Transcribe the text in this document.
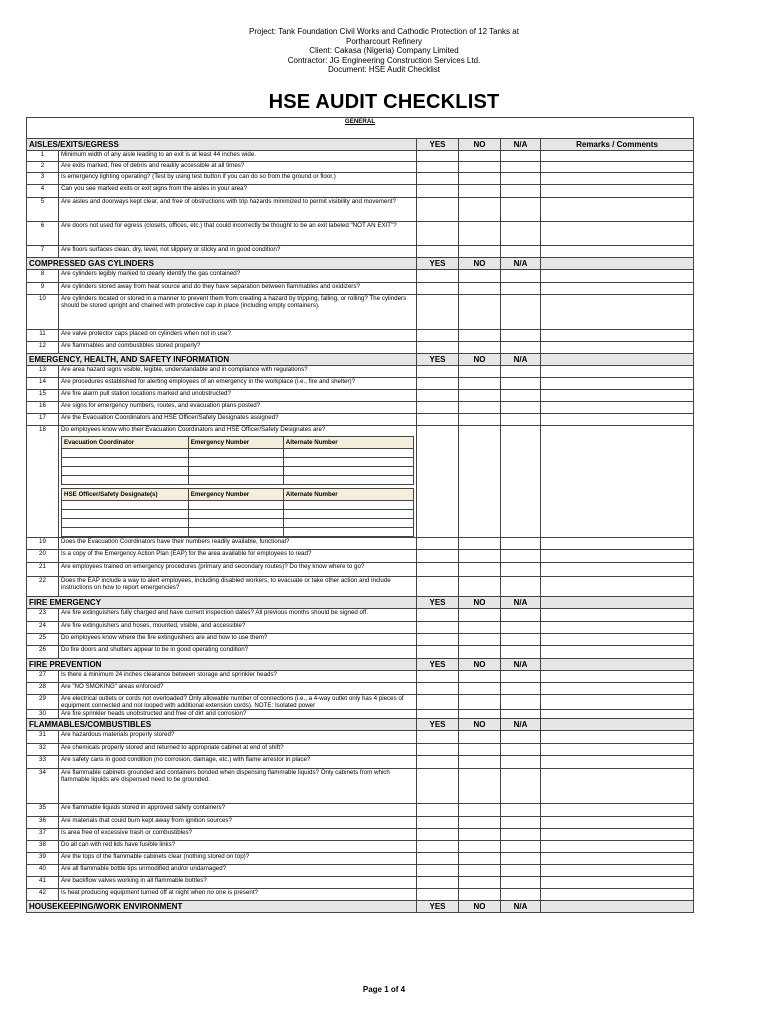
Project: Tank Foundation Civil Works and Cathodic Protection of 12 Tanks at
Portharcourt Refinery
Client: Cakasa (Nigeria) Company Limited
Contractor: JG Engineering Construction Services Ltd.
Document: HSE Audit Checklist
HSE AUDIT CHECKLIST
GENERAL
AISLES/EXITS/EGRESS	YES	NO	N/A	Remarks / Comments
1	Minimum width of any aisle leading to an exit is at least 44 inches wide.

2	Are exits marked, free of debris and readily accessible at all times?

3	Is emergency lighting operating? (Test by using test button if you can do so from the ground or floor.)

4	Can you see marked exits or exit signs from the aisles in your area?

5	Are aisles and doorways kept clear, and free of obstructions with trip hazards minimized to permit visibility and movement?

6	Are doors not used for egress (closets, offices, etc.) that could incorrectly be thought to be an exit labeled "NOT AN EXIT"?

7	Are floors surfaces clean, dry, level, not slippery or sticky and in good condition?

COMPRESSED GAS CYLINDERS	YES	NO	N/A	
8	Are cylinders legibly marked to clearly identify the gas contained?

9	Are cylinders stored away from heat source and do they have separation between flammables and oxidizers?

10	Are cylinders located or stored in a manner to prevent them from creating a hazard by tripping, falling, or rolling? The cylinders should be stored upright and chained with protective cap in place (including empty containers).

11	Are valve protector caps placed on cylinders when not in use?

12	Are flammables and combustibles stored properly?

EMERGENCY, HEALTH, AND SAFETY INFORMATION	YES	NO	N/A	
13	Are area hazard signs visible, legible, understandable and in compliance with regulations?

14	Are procedures established for alerting employees of an emergency in the workplace (i.e., fire and shelter)?

15	Are fire alarm pull station locations marked and unobstructed?

16	Are signs for emergency numbers, routes, and evacuation plans posted?

17	Are the Evacuation Coordinators and HSE Officer/Safety Designates assigned?

18	Do employees know who their Evacuation Coordinators and HSE Officer/Safety Designates are?
Evacuation Coordinator	Emergency Number	Alternate Number

HSE Officer/Safety Designate(s)	Emergency Number	Alternate Number

19	Does the Evacuation Coordinators have their numbers readily available, functional?

20	Is a copy of the Emergency Action Plan (EAP) for the area available for employees to read?

21	Are employees trained on emergency procedures (primary and secondary routes)? Do they know where to go?

22	Does the EAP include a way to alert employees, including disabled workers, to evacuate or take other action and include instructions on how to report emergencies?

FIRE EMERGENCY	YES	NO	N/A	
23	Are fire extinguishers fully charged and have current inspection dates? All previous months should be signed off.

24	Are fire extinguishers and hoses, mounted, visible, and accessible?

25	Do employees know where the fire extinguishers are and how to use them?

26	Do fire doors and shutters appear to be in good operating condition?

FIRE PREVENTION	YES	NO	N/A	
27	Is there a minimum 24 inches clearance between storage and sprinkler heads?

28	Are "NO SMOKING" areas enforced?

29	Are electrical outlets or cords not overloaded? Only allowable number of connections (i.e., a 4-way outlet only has 4 pieces of equipment connected and not looped with additional extension cords). NOTE: Isolated power

30	Are fire sprinkler heads unobstructed and free of dirt and corrosion?

FLAMMABLES/COMBUSTIBLES	YES	NO	N/A	
31	Are hazardous materials properly stored?

32	Are chemicals properly stored and returned to appropriate cabinet at end of shift?

33	Are safety cans in good condition (no corrosion, damage, etc.) with flame arrestor in place?

34	Are flammable cabinets grounded and containers bonded when dispensing flammable liquids? Only cabinets from which flammable liquids are dispensed need to be grounded.

35	Are flammable liquids stored in approved safety containers?

36	Are materials that could burn kept away from ignition sources?

37	Is area free of excessive trash or combustibles?

38	Do all can with red lids have fusible links?

39	Are the tops of the flammable cabinets clear (nothing stored on top)?

40	Are all flammable bottle tips unmodified and/or undamaged?

41	Are backflow valves working in all flammable bottles?

42	Is heat producing equipment turned off at night when no one is present?

HOUSEKEEPING/WORK ENVIRONMENT	YES	NO	N/A	
Page 1 of 4
